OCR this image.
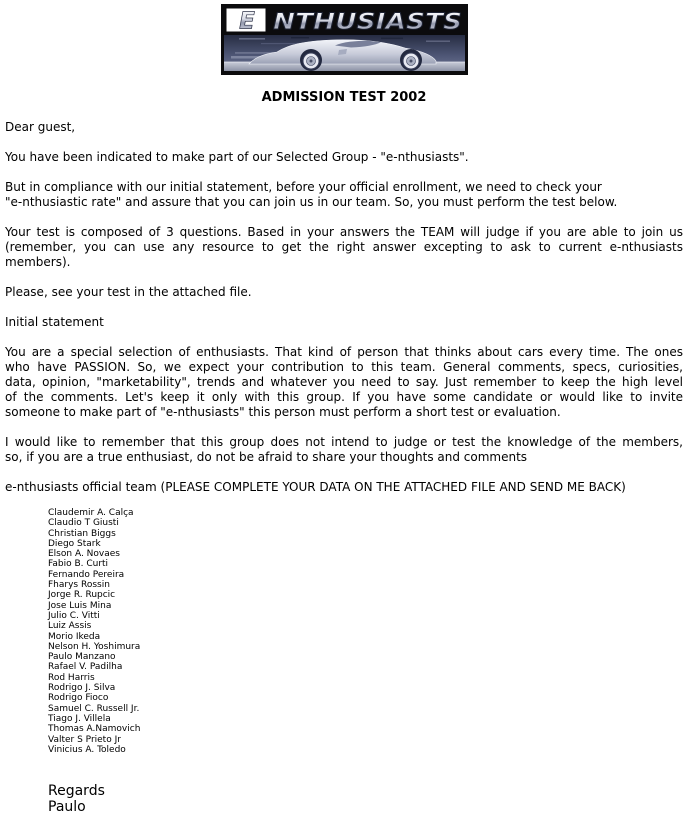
E NTHUSIASTS
ADMISSION TEST 2002
Dear guest,
You have been indicated to make part of our Selected Group - "e-nthusiasts".
But in compliance with our initial statement, before your official enrollment, we need to check your
"e-nthusiastic rate" and assure that you can join us in our team. So, you must perform the test below.
Your test is composed of 3 questions. Based in your answers the TEAM will judge if you are able to join us
(remember, you can use any resource to get the right answer excepting to ask to current e-nthusiasts
members).
Please, see your test in the attached file.
Initial statement
You are a special selection of enthusiasts. That kind of person that thinks about cars every time. The ones
who have PASSION. So, we expect your contribution to this team. General comments, specs, curiosities,
data, opinion, "marketability", trends and whatever you need to say. Just remember to keep the high level
of the comments. Let's keep it only with this group. If you have some candidate or would like to invite
someone to make part of "e-nthusiasts" this person must perform a short test or evaluation.
I would like to remember that this group does not intend to judge or test the knowledge of the members,
so, if you are a true enthusiast, do not be afraid to share your thoughts and comments
e-nthusiasts official team (PLEASE COMPLETE YOUR DATA ON THE ATTACHED FILE AND SEND ME BACK)
Claudemir A. Calça
Claudio T Giusti
Christian Biggs
Diego Stark
Elson A. Novaes
Fabio B. Curti
Fernando Pereira
Fharys Rossin
Jorge R. Rupcic
Jose Luis Mina
Julio C. Vitti
Luiz Assis
Morio Ikeda
Nelson H. Yoshimura
Paulo Manzano
Rafael V. Padilha
Rod Harris
Rodrigo J. Silva
Rodrigo Fioco
Samuel C. Russell Jr.
Tiago J. Villela
Thomas A.Namovich
Valter S Prieto Jr
Vinicius A. Toledo
Regards
Paulo
